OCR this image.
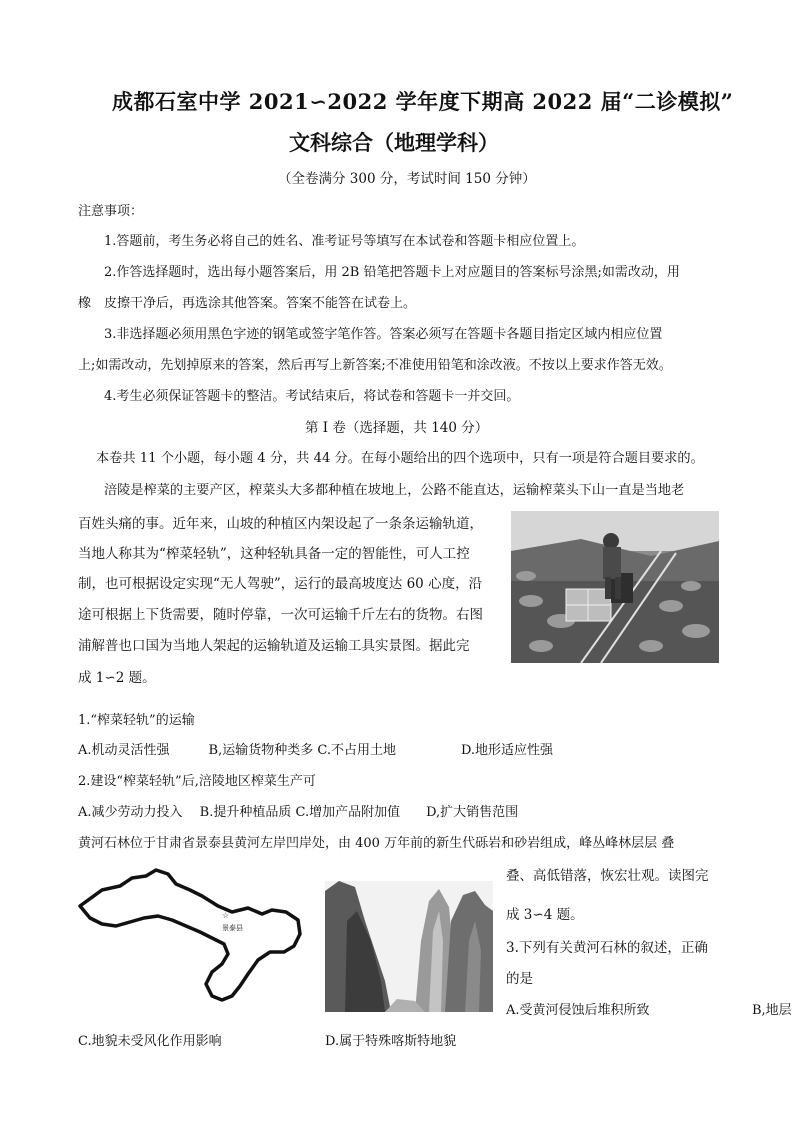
成都石室中学 2021∽2022 学年度下期高 2022 届“二诊模拟”
文科综合（地理学科）
（全卷满分 300 分，考试时间 150 分钟）
注意事项：
1.答题前，考生务必将自己的姓名、准考证号等填写在本试卷和答题卡相应位置上。
2.作答选择题时，选出每小题答案后，用 2B 铅笔把答题卡上对应题目的答案标号涂黑;如需改动，用
橡　皮擦干净后，再选涂其他答案。答案不能答在试卷上。
3.非选择题必须用黑色字迹的钢笔或签字笔作答。答案必须写在答题卡各题目指定区域内相应位置
上;如需改动，先划掉原来的答案，然后再写上新答案;不准使用铅笔和涂改液。不按以上要求作答无效。
4.考生必须保证答题卡的整洁。考试结束后，将试卷和答题卡一并交回。
第 I 卷（选择题，共 140 分）
本卷共 11 个小题，每小题 4 分，共 44 分。在每小题给出的四个选项中，只有一项是符合题目要求的。
涪陵是榨菜的主要产区，榨菜头大多都种植在坡地上，公路不能直达，运输榨菜头下山一直是当地老
百姓头痛的事。近年来，山坡的种植区内架设起了一条条运输轨道，
当地人称其为“榨菜轻轨”，这种轻轨具备一定的智能性，可人工控
制，也可根据设定实现“无人驾驶”，运行的最高坡度达 60 心度，沿
途可根据上下货需要，随时停靠，一次可运输千斤左右的货物。右图
浦解普也口国为当地人架起的运输轨道及运输工具实景图。据此完
成 1∽2 题。
1.“榨菜轻轨”的运输
A.机动灵活性强　　　B,运输货物种类多 C.不占用土地　　　　　D.地形适应性强
2.建设“榨菜轻轨”后,涪陵地区榨菜生产可
A.减少劳动力投入　 B.提升种植品质 C.增加产品附加值　　D,扩大销售范围
黄河石林位于甘肃省景泰县黄河左岸凹岸处，由 400 万年前的新生代砾岩和砂岩组成，峰丛峰林层层 叠
叠、高低错落，恢宏壮观。读图完
成 3∽4 题。
☆
景泰县
3.下列有关黄河石林的叙述，正确
的是
A.受黄河侵蚀后堆积所致	B,地层
C.地貌未受风化作用影响	D.属于特殊喀斯特地貌
